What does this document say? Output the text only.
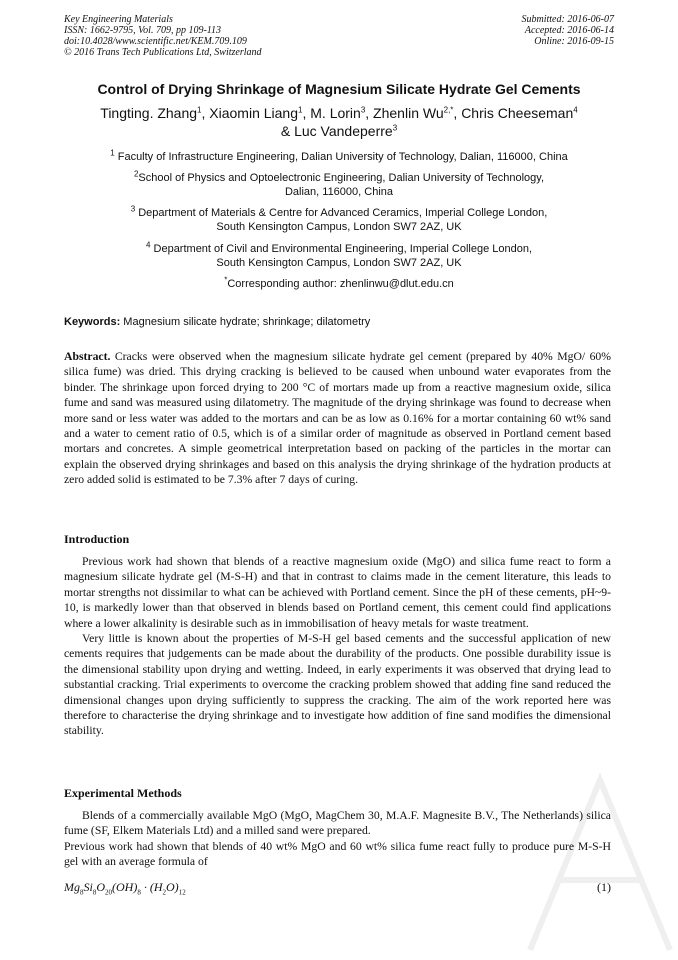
Key Engineering Materials
ISSN: 1662-9795, Vol. 709, pp 109-113
doi:10.4028/www.scientific.net/KEM.709.109
© 2016 Trans Tech Publications Ltd, Switzerland
Submitted: 2016-06-07
Accepted: 2016-06-14
Online: 2016-09-15
Control of Drying Shrinkage of Magnesium Silicate Hydrate Gel Cements
Tingting. Zhang$^1$, Xiaomin Liang$^1$, M. Lorin$^3$, Zhenlin $Wu^{2,*}$, Chris Cheeseman$^4$
& Luc Vandeperre$^3$
$^1$ Faculty of Infrastructure Engineering, Dalian University of Technology, Dalian, 116000, China
$^2$School of Physics and Optoelectronic Engineering, Dalian University of Technology,
Dalian, 116000, China
$^3$ Department of Materials & Centre for Advanced Ceramics, Imperial College London,
South Kensington Campus, London SW7 2AZ, UK
$^4$ Department of Civil and Environmental Engineering, Imperial College London,
South Kensington Campus, London SW7 2AZ, UK
*Corresponding author: zhenlinwu@dlut.edu.cn
Keywords: Magnesium silicate hydrate; shrinkage; dilatometry

Abstract. Cracks were observed when the magnesium silicate hydrate gel cement (prepared by 40% MgO/ 60% silica fume) was dried. This drying cracking is believed to be caused when unbound water evaporates from the binder. The shrinkage upon forced drying to 200 °C of mortars made up from a reactive magnesium oxide, silica fume and sand was measured using dilatometry. The magnitude of the drying shrinkage was found to decrease when more sand or less water was added to the mortars and can be as low as 0.16% for a mortar containing 60 wt% sand and a water to cement ratio of 0.5, which is of a similar order of magnitude as observed in Portland cement based mortars and concretes. A simple geometrical interpretation based on packing of the particles in the mortar can explain the observed drying shrinkages and based on this analysis the drying shrinkage of the hydration products at zero added solid is estimated to be 7.3% after 7 days of curing.

Introduction

Previous work had shown that blends of a reactive magnesium oxide (MgO) and silica fume react to form a magnesium silicate hydrate gel (M-S-H) and that in contrast to claims made in the cement literature, this leads to mortar strengths not dissimilar to what can be achieved with Portland cement. Since the pH of these cements, pH~9-10, is markedly lower than that observed in blends based on Portland cement, this cement could find applications where a lower alkalinity is desirable such as in immobilisation of heavy metals for waste treatment.

Very little is known about the properties of M-S-H gel based cements and the successful application of new cements requires that judgements can be made about the durability of the products. One possible durability issue is the dimensional stability upon drying and wetting. Indeed, in early experiments it was observed that drying lead to substantial cracking. Trial experiments to overcome the cracking problem showed that adding fine sand reduced the dimensional changes upon drying sufficiently to suppress the cracking. The aim of the work reported here was therefore to characterise the drying shrinkage and to investigate how addition of fine sand modifies the dimensional stability.

Experimental Methods

Blends of a commercially available MgO (MgO, MagChem 30, M.A.F. Magnesite B.V., The Netherlands) silica fume (SF, Elkem Materials Ltd) and a milled sand were prepared.

Previous work had shown that blends of 40 wt% MgO and 60 wt% silica fume react fully to produce pure M-S-H gel with an average formula of

$Mg_8Si_8O_{20}(OH)_8 \cdot (H_2O)_{12}$	(1)
